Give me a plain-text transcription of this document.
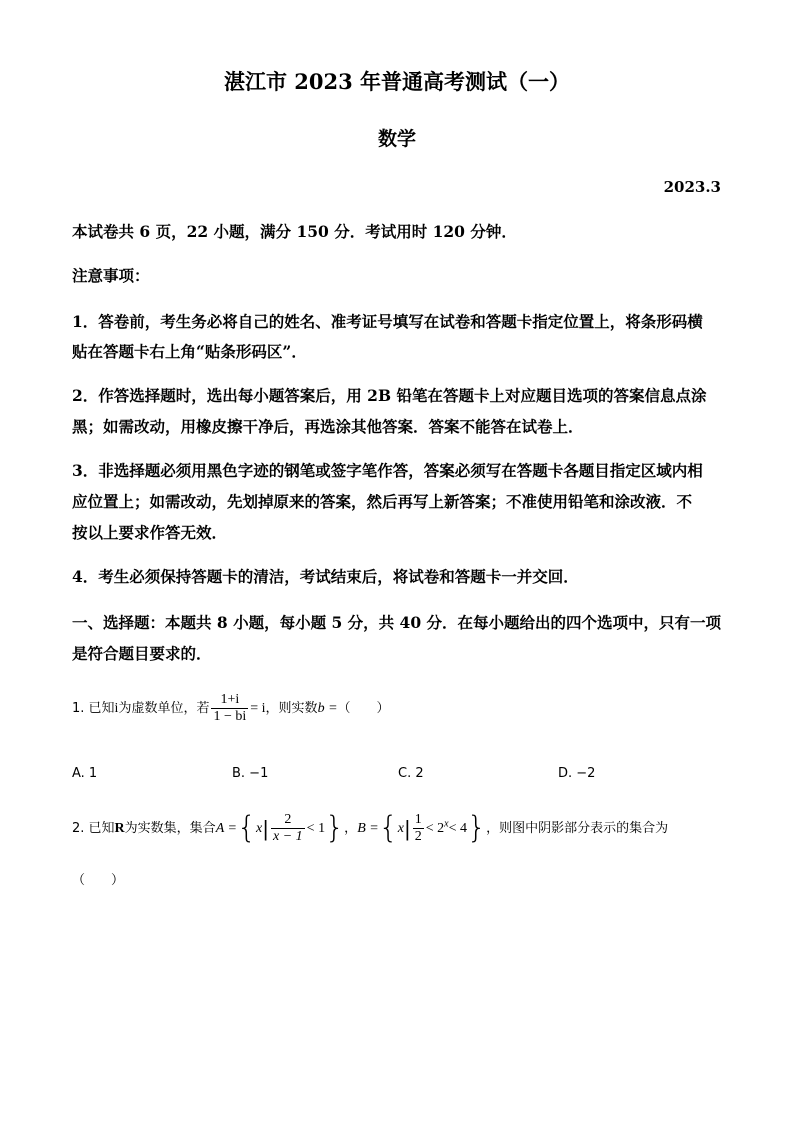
湛江市 2023 年普通高考测试（一）
数学
2023.3
本试卷共 6 页，22 小题，满分 150 分．考试用时 120 分钟．
注意事项：
1．答卷前，考生务必将自己的姓名、准考证号填写在试卷和答题卡指定位置上，将条形码横
贴在答题卡右上角“贴条形码区”．
2．作答选择题时，选出每小题答案后，用 2B 铅笔在答题卡上对应题目选项的答案信息点涂
黑；如需改动，用橡皮擦干净后，再选涂其他答案．答案不能答在试卷上．
3．非选择题必须用黑色字迹的钢笔或签字笔作答，答案必须写在答题卡各题目指定区域内相
应位置上；如需改动，先划掉原来的答案，然后再写上新答案；不准使用铅笔和涂改液．不
按以上要求作答无效．
4．考生必须保持答题卡的清洁，考试结束后，将试卷和答题卡一并交回．
一、选择题：本题共 8 小题，每小题 5 分，共 40 分．在每小题给出的四个选项中，只有一项
是符合题目要求的．
1. 已知i为虚数单位，若 $\frac{1+i}{1 - bi} = i$，则实数b =（　　）
A. 1	B. −1	C. 2	D. −2
2. 已知R为实数集，集合$A =\{x| \frac{2}{x - 1} < 1\}$，$B =\{x| \frac{1}{2} < 2^x< 4\}$，则图中阴影部分表示的集合为
（　　）
